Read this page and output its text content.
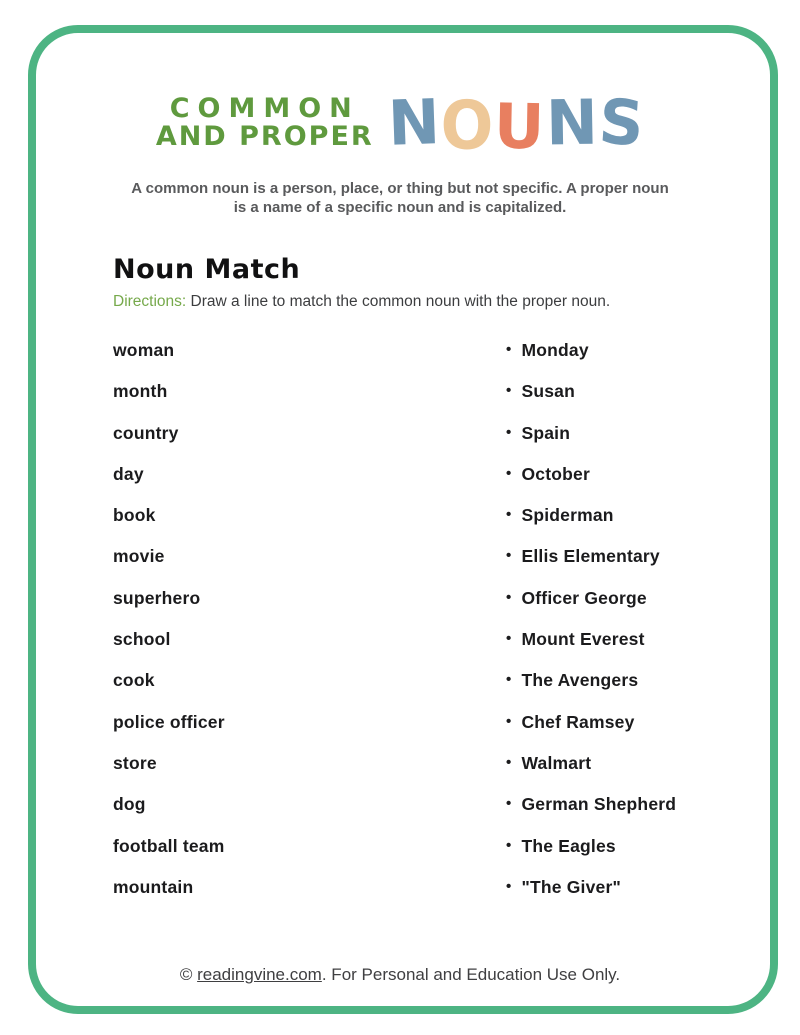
COMMON
AND PROPER N
O U
N
S

A common noun is a person, place, or thing but not specific. A proper noun
is a name of a specific noun and is capitalized.

Noun Match

Directions: Draw a line to match the common noun with the proper noun.

woman
month
country
day
book
movie
superhero
school
cook
police officer
store
dog
football team
mountain
• Monday
• Susan
• Spain
• October
• Spiderman
• Ellis Elementary
• Officer George
• Mount Everest
• The Avengers
• Chef Ramsey
• Walmart
• German Shepherd
• The Eagles
• "The Giver"
© readingvine.com. For Personal and Education Use Only.
